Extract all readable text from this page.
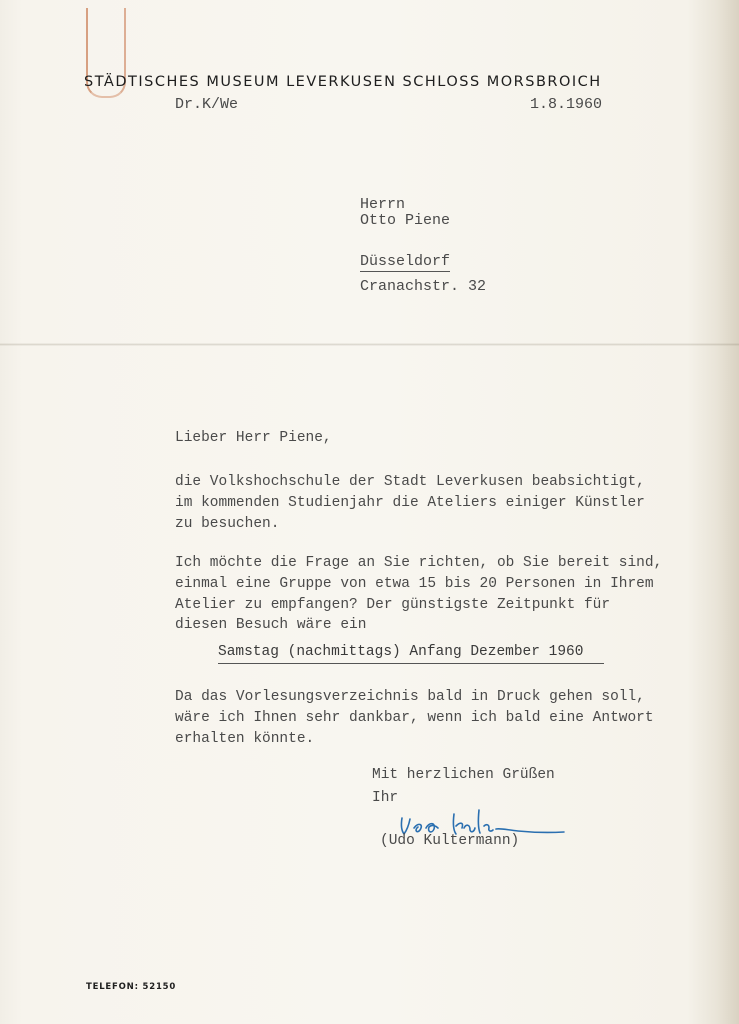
STÄDTISCHES MUSEUM LEVERKUSEN SCHLOSS MORSBROICH
Dr.K/We	1.8.1960
Herrn
Otto Piene
Düsseldorf
Cranachstr. 32
Lieber Herr Piene,
die Volkshochschule der Stadt Leverkusen beabsichtigt,
im kommenden Studienjahr die Ateliers einiger Künstler
zu besuchen.
Ich möchte die Frage an Sie richten, ob Sie bereit sind,
einmal eine Gruppe von etwa 15 bis 20 Personen in Ihrem
Atelier zu empfangen? Der günstigste Zeitpunkt für
diesen Besuch wäre ein
Samstag (nachmittags) Anfang Dezember 1960
Da das Vorlesungsverzeichnis bald in Druck gehen soll,
wäre ich Ihnen sehr dankbar, wenn ich bald eine Antwort
erhalten könnte.
Mit herzlichen Grüßen
Ihr
(Udo Kultermann)
TELEFON: 52150
